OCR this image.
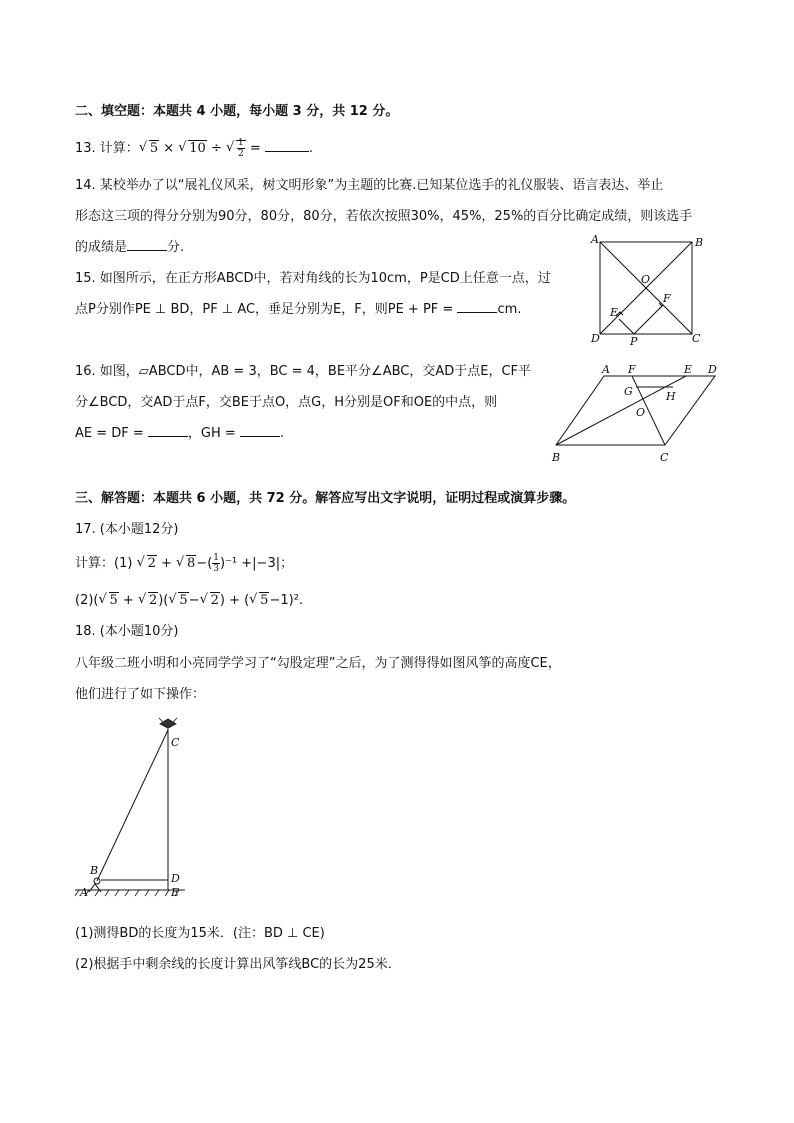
二、填空题：本题共 4 小题，每小题 3 分，共 12 分。
13. 计算： √ 5 × √ 10 ÷ √ $\frac{1}{2}$ =	.
14. 某校举办了以“展礼仪风采，树文明形象”为主题的比赛.已知某位选手的礼仪服装、语言表达、举止
形态这三项的得分分别为90分，80分，80分，若依次按照30%，45%，25%的百分比确定成绩，则该选手
的成绩是	分.
15. 如图所示，在正方形ABCD中，若对角线的长为10cm，P是CD上任意一点，过
点P分别作PE ⊥ BD，PF ⊥ AC，垂足分别为E，F，则PE + PF =	cm.
16. 如图，▱ABCD中，AB = 3，BC = 4，BE平分∠ABC，交AD于点E，CF平
分∠BCD，交AD于点F，交BE于点O，点G，H分别是OF和OE的中点，则
AE = DF =	，GH =	.
三、解答题：本题共 6 小题，共 72 分。解答应写出文字说明，证明过程或演算步骤。
17. (本小题12分)
计算：(1) √ 2 + √ $8-( \frac{1}{3} )^{-1} +|-3|$；
(2)( √ 5 + √ 2)( √ 5− √ 2) + ( √ 5−1)².
18. (本小题10分)
八年级二班小明和小亮同学学习了“勾股定理”之后，为了测得得如图风筝的高度CE，
他们进行了如下操作：
(1)测得BD的长度为15米．(注：BD ⊥ CE)
(2)根据手中剩余线的长度计算出风筝线BC的长为25米．
A	B
O
F
E
D	P	C
A F	E D
G	H
O
B	C
C
B
D
A	E
